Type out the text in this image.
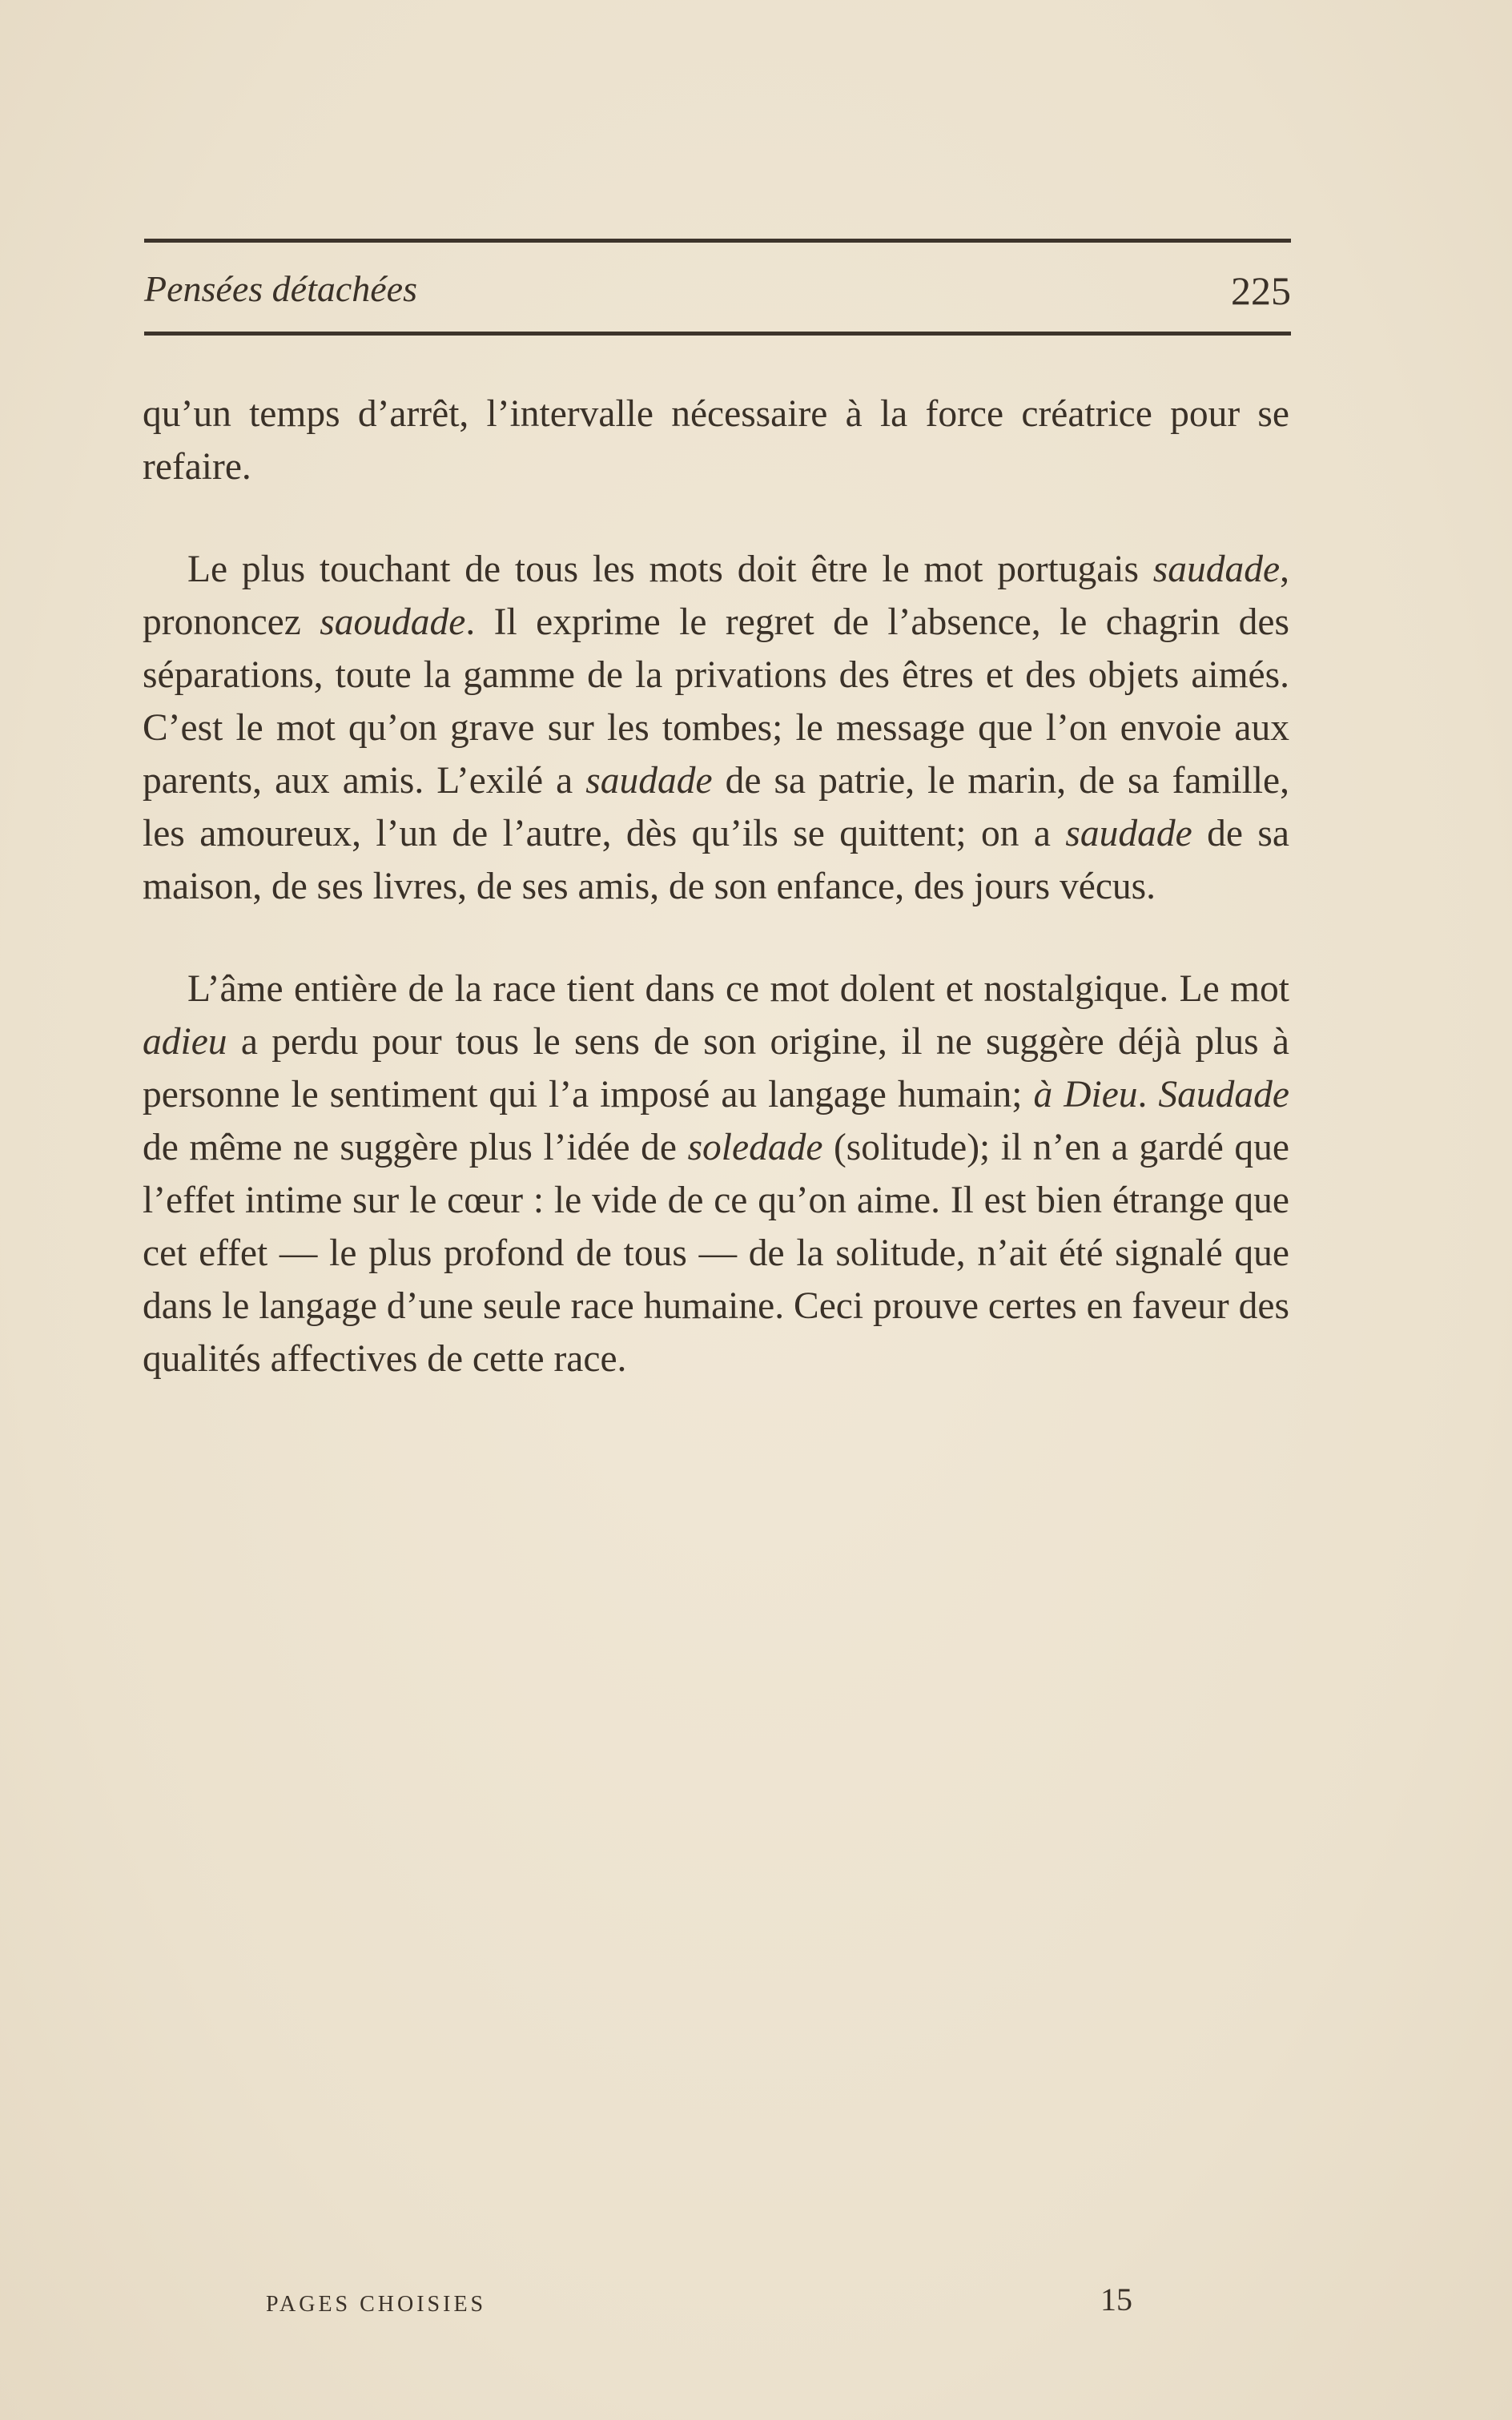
Pensées détachées	225

qu’un temps d’arrêt, l’intervalle nécessaire à la force créatrice pour se refaire.

Le plus touchant de tous les mots doit être le mot portugais saudade, prononcez saoudade. Il exprime le regret de l’absence, le chagrin des séparations, toute la gamme de la privations des êtres et des objets aimés. C’est le mot qu’on grave sur les tombes; le message que l’on envoie aux parents, aux amis. L’exilé a saudade de sa patrie, le marin, de sa famille, les amoureux, l’un de l’autre, dès qu’ils se quittent; on a saudade de sa maison, de ses livres, de ses amis, de son enfance, des jours vécus.

L’âme entière de la race tient dans ce mot dolent et nostalgique. Le mot adieu a perdu pour tous le sens de son origine, il ne suggère déjà plus à personne le sentiment qui l’a imposé au langage humain; à Dieu. Saudade de même ne suggère plus l’idée de soledade (solitude); il n’en a gardé que l’effet intime sur le cœur : le vide de ce qu’on aime. Il est bien étrange que cet effet — le plus profond de tous — de la solitude, n’ait été signalé que dans le langage d’une seule race humaine. Ceci prouve certes en faveur des qualités affectives de cette race.

PAGES CHOISIES	15
